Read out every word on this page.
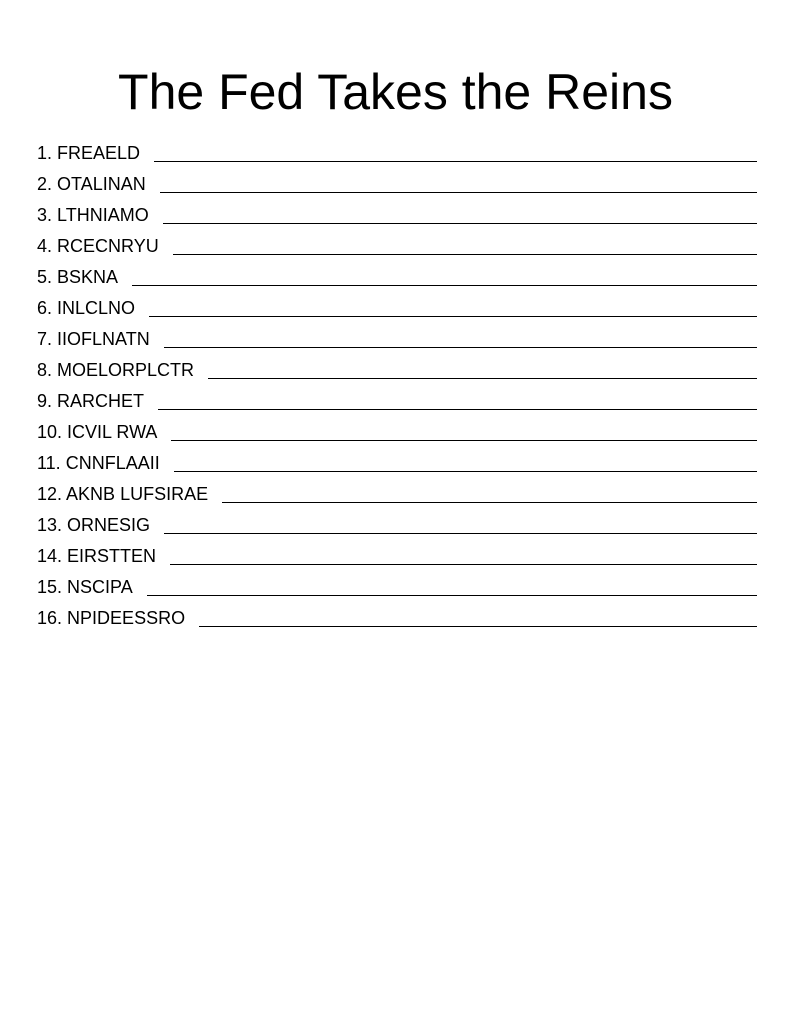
The Fed Takes the Reins
1. FREAELD
2. OTALINAN
3. LTHNIAMO
4. RCECNRYU
5. BSKNA
6. INLCLNO
7. IIOFLNATN
8. MOELORPLCTR
9. RARCHET
10. ICVIL RWA
11. CNNFLAAII
12. AKNB LUFSIRAE
13. ORNESIG
14. EIRSTTEN
15. NSCIPA
16. NPIDEESSRO
